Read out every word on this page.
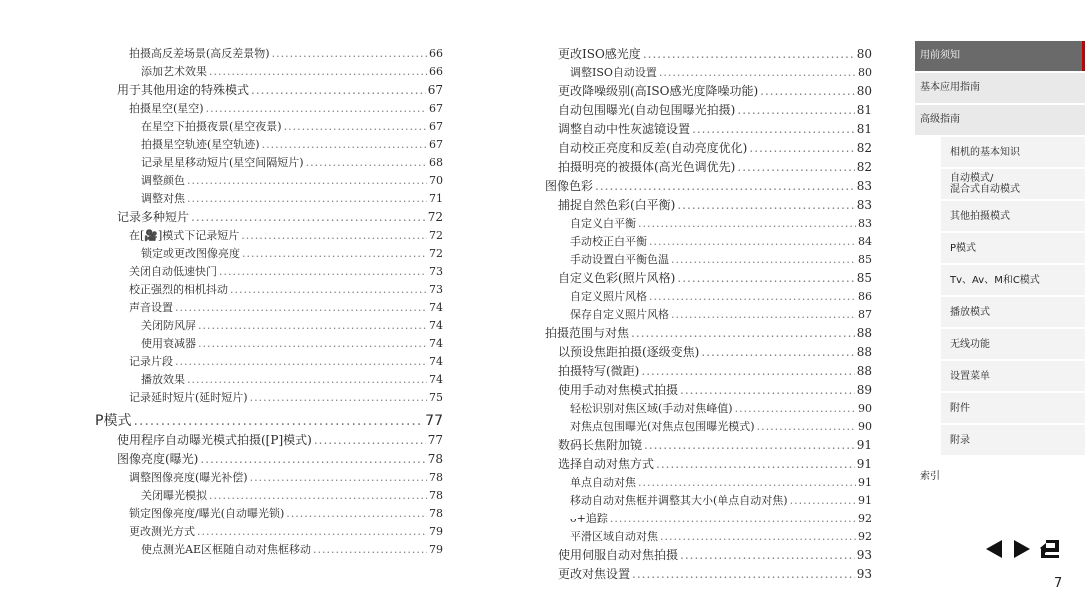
拍摄高反差场景(高反差景物) .....	66
添加艺术效果 .....	66
用于其他用途的特殊模式 .....	67
拍摄星空(星空) .....	67
在星空下拍摄夜景(星空夜景) .....	67
拍摄星空轨迹(星空轨迹) .....	67
记录星星移动短片(星空间隔短片) .....	68
调整颜色 .....	70
调整对焦 .....	71
记录多种短片 .....	72
在[🎥]模式下记录短片 .....	72
锁定或更改图像亮度 .....	72
关闭自动低速快门 .....	73
校正强烈的相机抖动 .....	73
声音设置 .....	74
关闭防风屏 .....	74
使用衰减器 .....	74
记录片段 .....	74
播放效果 .....	74
记录延时短片(延时短片) .....	75
P模式 .....	77
使用程序自动曝光模式拍摄([P]模式) .....	77
图像亮度(曝光) .....	78
调整图像亮度(曝光补偿) .....	78
关闭曝光模拟 .....	78
锁定图像亮度/曝光(自动曝光锁) .....	78
更改测光方式 .....	79
使点测光AE区框随自动对焦框移动 .....	79
更改ISO感光度 .....	80
调整ISO自动设置 .....	80
更改降噪级别(高ISO感光度降噪功能) .....	80
自动包围曝光(自动包围曝光拍摄) .....	81
调整自动中性灰滤镜设置 .....	81
自动校正亮度和反差(自动亮度优化) .....	82
拍摄明亮的被摄体(高光色调优先) .....	82
图像色彩 .....	83
捕捉自然色彩(白平衡) .....	83
自定义白平衡 .....	83
手动校正白平衡 .....	84
手动设置白平衡色温 .....	85
自定义色彩(照片风格) .....	85
自定义照片风格 .....	86
保存自定义照片风格 .....	87
拍摄范围与对焦 .....	88
以预设焦距拍摄(逐级变焦) .....	88
拍摄特写(微距) .....	88
使用手动对焦模式拍摄 .....	89
轻松识别对焦区域(手动对焦峰值) .....	90
对焦点包围曝光(对焦点包围曝光模式) .....	90
数码长焦附加镜 .....	91
选择自动对焦方式 .....	91
单点自动对焦 .....	91
移动自动对焦框并调整其大小(单点自动对焦) .....	91
ᴗ+追踪 .....	92
平滑区域自动对焦 .....	92
使用伺服自动对焦拍摄 .....	93
更改对焦设置 .....	93
用前须知
基本应用指南
高级指南
相机的基本知识
自动模式/
混合式自动模式
其他拍摄模式
P模式
Tv、Av、M和C模式
播放模式
无线功能
设置菜单
附件
附录
索引
7
